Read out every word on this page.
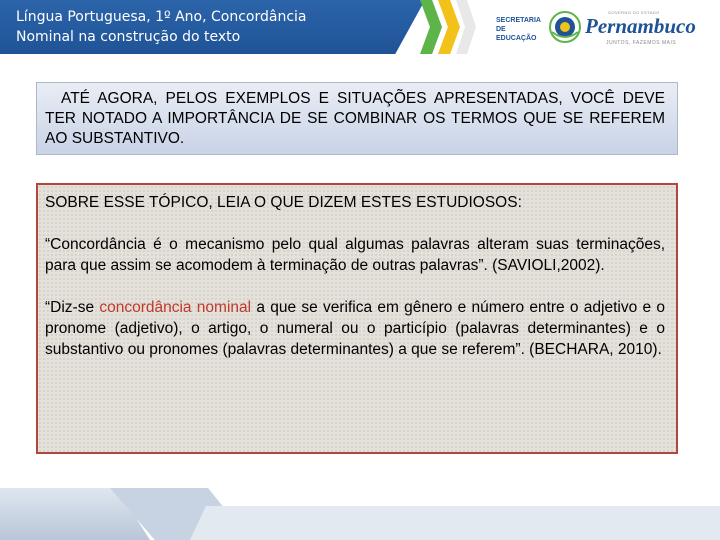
Língua Portuguesa, 1º Ano, Concordância
Nominal na construção do texto
SECRETARIA
DE EDUCAÇÃO
GOVERNO DO ESTADO
Pernambuco
JUNTOS, FAZEMOS MAIS
ATÉ AGORA, PELOS EXEMPLOS E SITUAÇÕES APRESENTADAS, VOCÊ DEVE TER NOTADO A IMPORTÂNCIA DE SE COMBINAR OS TERMOS QUE SE REFEREM AO SUBSTANTIVO.

SOBRE ESSE TÓPICO, LEIA O QUE DIZEM ESTES ESTUDIOSOS:

“Concordância é o mecanismo pelo qual algumas palavras alteram suas terminações, para que assim se acomodem à terminação de outras palavras”. (SAVIOLI,2002).

“Diz-se concordância nominal a que se verifica em gênero e número entre o adjetivo e o pronome (adjetivo), o artigo, o numeral ou o particípio (palavras determinantes) e o substantivo ou pronomes (palavras determinantes) a que se referem”. (BECHARA, 2010).
